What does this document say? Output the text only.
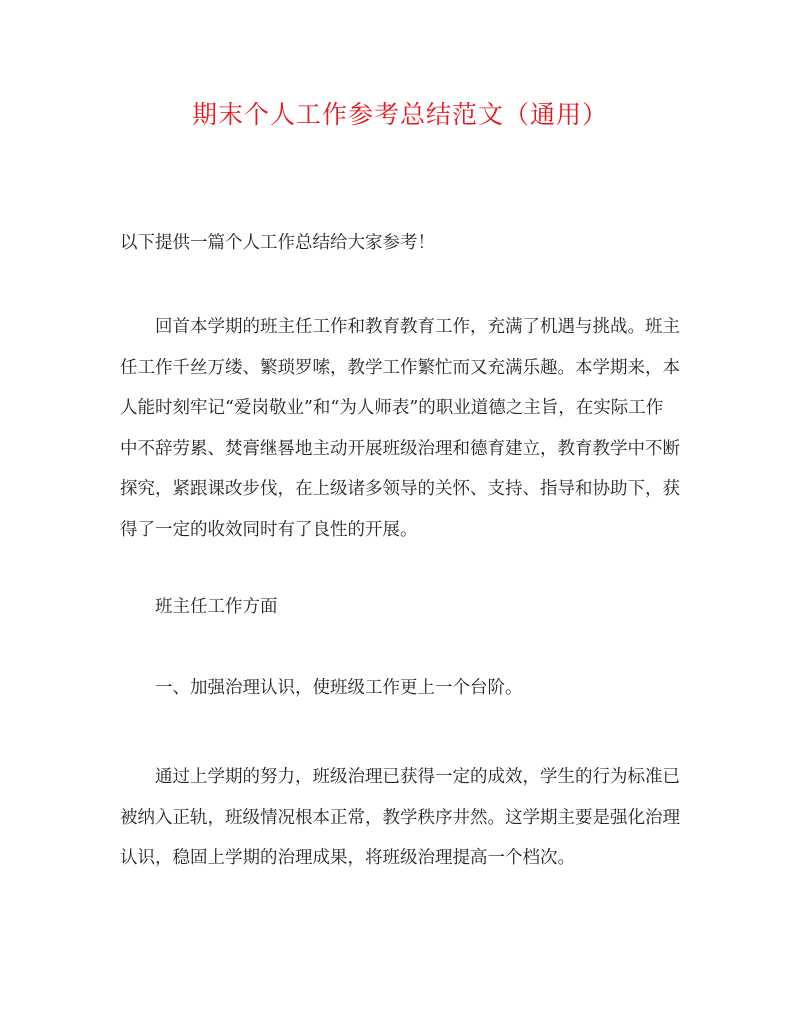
期末个人工作参考总结范文（通用）

以下提供一篇个人工作总结给大家参考！

回首本学期的班主任工作和教育教育工作，充满了机遇与挑战。班主任工作千丝万缕、繁琐罗嗦，教学工作繁忙而又充满乐趣。本学期来，本人能时刻牢记“爱岗敬业”和“为人师表”的职业道德之主旨，在实际工作中不辞劳累、焚膏继晷地主动开展班级治理和德育建立，教育教学中不断探究，紧跟课改步伐，在上级诸多领导的关怀、支持、指导和协助下，获得了一定的收效同时有了良性的开展。

班主任工作方面

一、加强治理认识，使班级工作更上一个台阶。

通过上学期的努力，班级治理已获得一定的成效，学生的行为标准已被纳入正轨，班级情况根本正常，教学秩序井然。这学期主要是强化治理认识，稳固上学期的治理成果，将班级治理提高一个档次。
